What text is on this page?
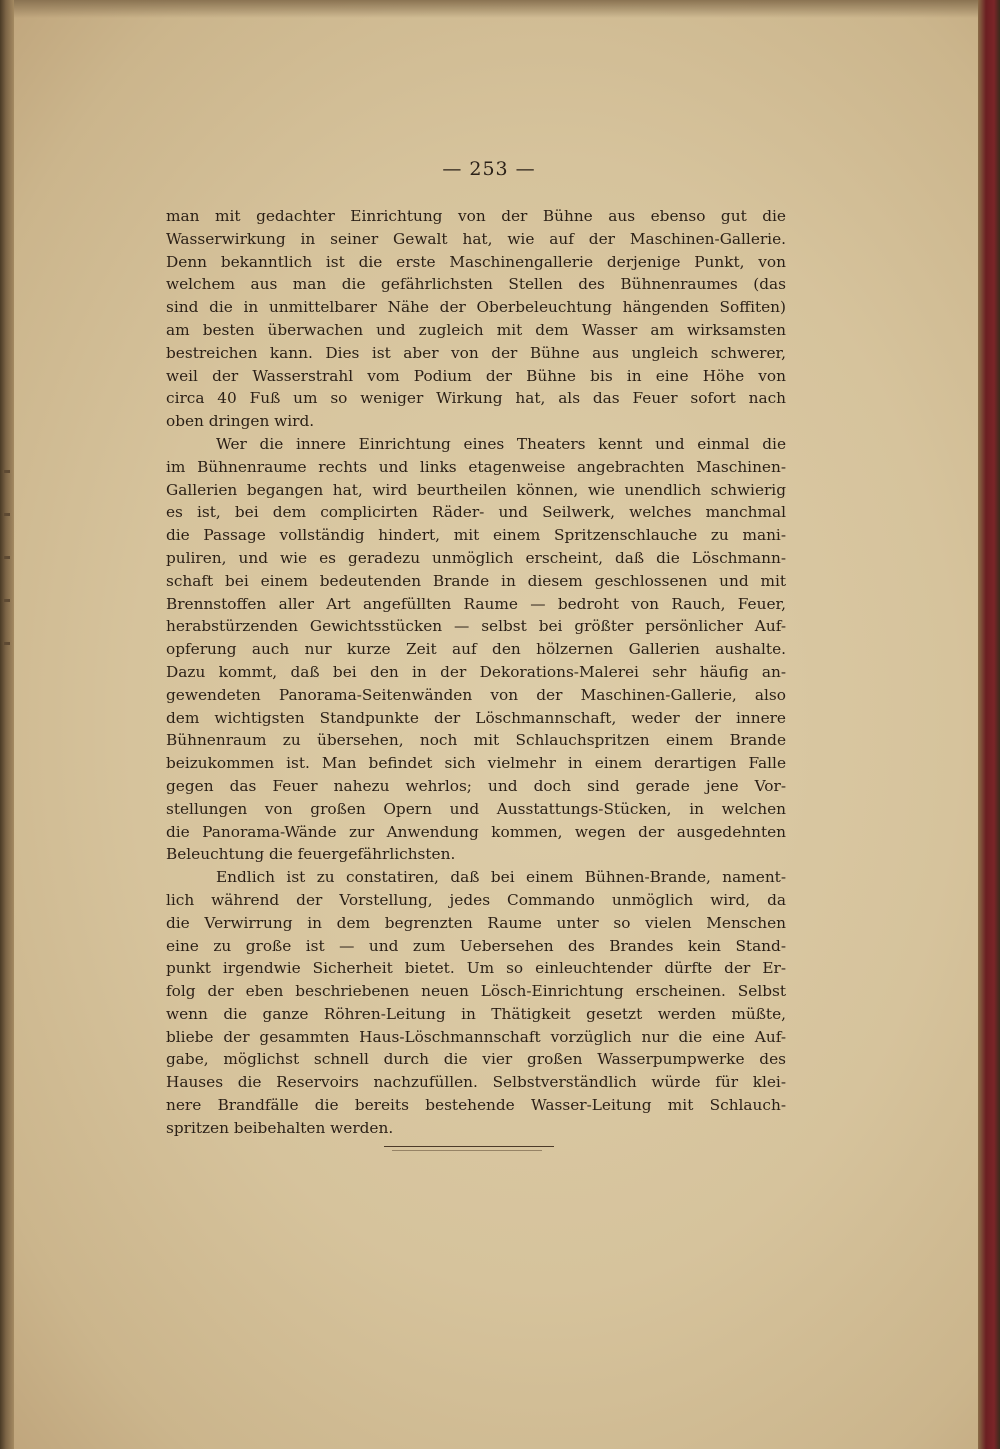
— 253 —
man mit gedachter Einrichtung von der Bühne aus ebenso gut die
Wasserwirkung in seiner Gewalt hat, wie auf der Maschinen-Gallerie.
Denn bekanntlich ist die erste Maschinengallerie derjenige Punkt, von
welchem aus man die gefährlichsten Stellen des Bühnenraumes (das
sind die in unmittelbarer Nähe der Oberbeleuchtung hängenden Soffiten)
am besten überwachen und zugleich mit dem Wasser am wirksamsten
bestreichen kann. Dies ist aber von der Bühne aus ungleich schwerer,
weil der Wasserstrahl vom Podium der Bühne bis in eine Höhe von
circa 40 Fuß um so weniger Wirkung hat, als das Feuer sofort nach
oben dringen wird.
Wer die innere Einrichtung eines Theaters kennt und einmal die
im Bühnenraume rechts und links etagenweise angebrachten Maschinen-
Gallerien begangen hat, wird beurtheilen können, wie unendlich schwierig
es ist, bei dem complicirten Räder- und Seilwerk, welches manchmal
die Passage vollständig hindert, mit einem Spritzenschlauche zu mani-
puliren, und wie es geradezu unmöglich erscheint, daß die Löschmann-
schaft bei einem bedeutenden Brande in diesem geschlossenen und mit
Brennstoffen aller Art angefüllten Raume — bedroht von Rauch, Feuer,
herabstürzenden Gewichtsstücken — selbst bei größter persönlicher Auf-
opferung auch nur kurze Zeit auf den hölzernen Gallerien aushalte.
Dazu kommt, daß bei den in der Dekorations-Malerei sehr häufig an-
gewendeten Panorama-Seitenwänden von der Maschinen-Gallerie, also
dem wichtigsten Standpunkte der Löschmannschaft, weder der innere
Bühnenraum zu übersehen, noch mit Schlauchspritzen einem Brande
beizukommen ist. Man befindet sich vielmehr in einem derartigen Falle
gegen das Feuer nahezu wehrlos; und doch sind gerade jene Vor-
stellungen von großen Opern und Ausstattungs-Stücken, in welchen
die Panorama-Wände zur Anwendung kommen, wegen der ausgedehnten
Beleuchtung die feuergefährlichsten.
Endlich ist zu constatiren, daß bei einem Bühnen-Brande, nament-
lich während der Vorstellung, jedes Commando unmöglich wird, da
die Verwirrung in dem begrenzten Raume unter so vielen Menschen
eine zu große ist — und zum Uebersehen des Brandes kein Stand-
punkt irgendwie Sicherheit bietet. Um so einleuchtender dürfte der Er-
folg der eben beschriebenen neuen Lösch-Einrichtung erscheinen. Selbst
wenn die ganze Röhren-Leitung in Thätigkeit gesetzt werden müßte,
bliebe der gesammten Haus-Löschmannschaft vorzüglich nur die eine Auf-
gabe, möglichst schnell durch die vier großen Wasserpumpwerke des
Hauses die Reservoirs nachzufüllen. Selbstverständlich würde für klei-
nere Brandfälle die bereits bestehende Wasser-Leitung mit Schlauch-
spritzen beibehalten werden.
